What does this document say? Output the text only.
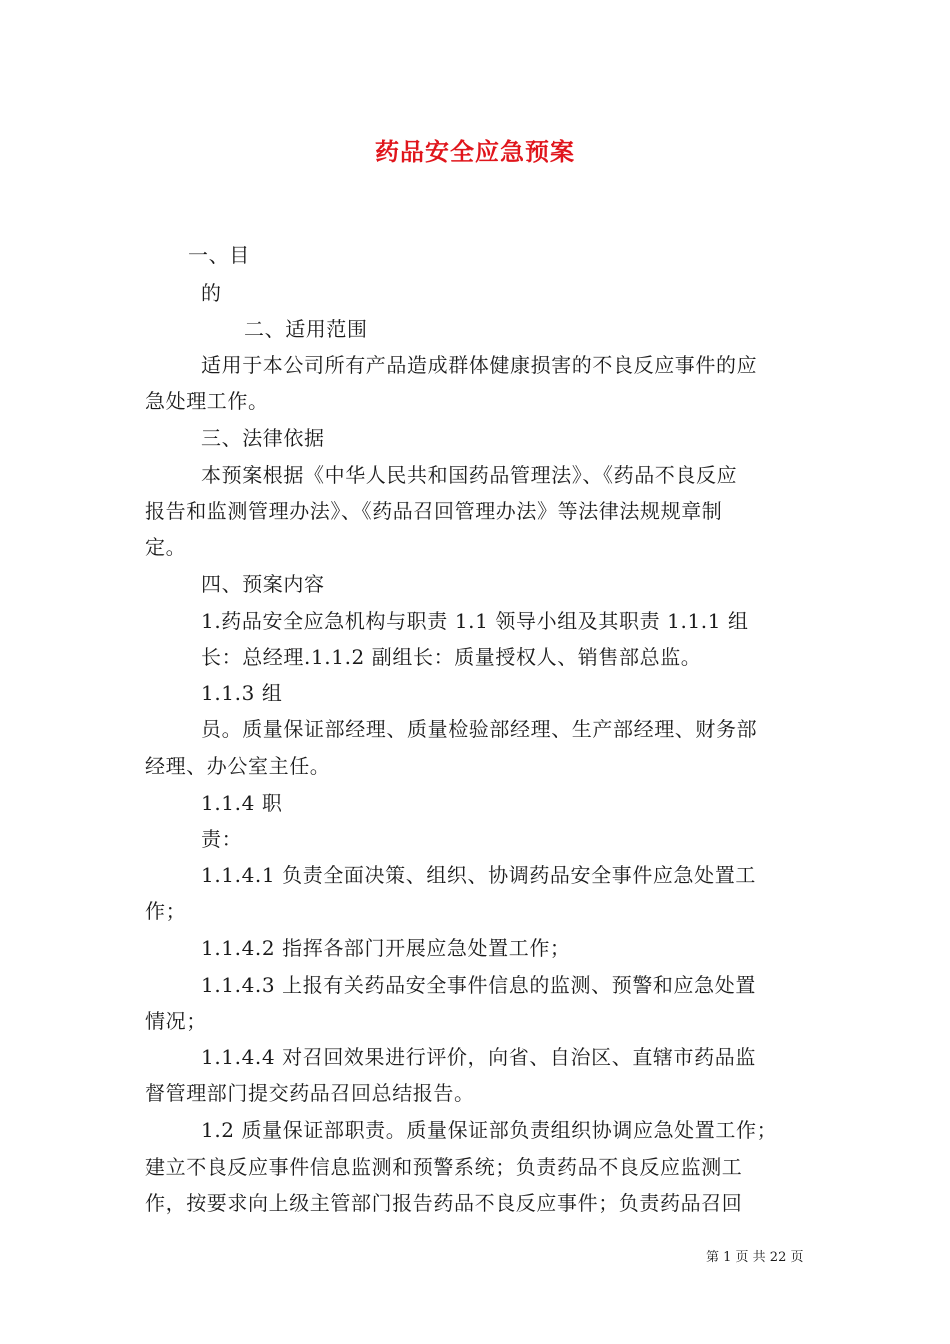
药品安全应急预案
一、目
的
二、适用范围
适用于本公司所有产品造成群体健康损害的不良反应事件的应
急处理工作。
三、法律依据
本预案根据《中华人民共和国药品管理法》、《药品不良反应
报告和监测管理办法》、《药品召回管理办法》等法律法规规章制
定。
四、预案内容
1.药品安全应急机构与职责 1.1 领导小组及其职责 1.1.1 组
长：总经理.1.1.2 副组长：质量授权人、销售部总监。
1.1.3 组
员。质量保证部经理、质量检验部经理、生产部经理、财务部
经理、办公室主任。
1.1.4 职
责：
1.1.4.1 负责全面决策、组织、协调药品安全事件应急处置工
作；
1.1.4.2 指挥各部门开展应急处置工作；
1.1.4.3 上报有关药品安全事件信息的监测、预警和应急处置
情况；
1.1.4.4 对召回效果进行评价，向省、自治区、直辖市药品监
督管理部门提交药品召回总结报告。
1.2 质量保证部职责。质量保证部负责组织协调应急处置工作；
建立不良反应事件信息监测和预警系统；负责药品不良反应监测工
作，按要求向上级主管部门报告药品不良反应事件；负责药品召回
第 1 页 共 22 页
